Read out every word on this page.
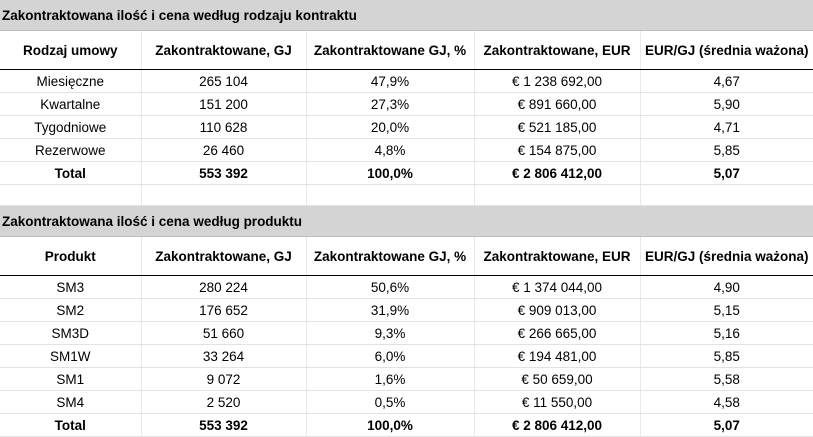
Zakontraktowana ilość i cena według rodzaju kontraktu				
Rodzaj umowy	Zakontraktowane, GJ	Zakontraktowane GJ, %	Zakontraktowane, EUR	EUR/GJ (średnia ważona)
Miesięczne	265 104	47,9%	€ 1 238 692,00	4,67
Kwartalne	151 200	27,3%	€ 891 660,00	5,90
Tygodniowe	110 628	20,0%	€ 521 185,00	4,71
Rezerwowe	26 460	4,8%	€ 154 875,00	5,85
Total	553 392	100,0%	€ 2 806 412,00	5,07

Zakontraktowana ilość i cena według produktu				
Produkt	Zakontraktowane, GJ	Zakontraktowane GJ, %	Zakontraktowane, EUR	EUR/GJ (średnia ważona)
SM3	280 224	50,6%	€ 1 374 044,00	4,90
SM2	176 652	31,9%	€ 909 013,00	5,15
SM3D	51 660	9,3%	€ 266 665,00	5,16
SM1W	33 264	6,0%	€ 194 481,00	5,85
SM1	9 072	1,6%	€ 50 659,00	5,58
SM4	2 520	0,5%	€ 11 550,00	4,58
Total	553 392	100,0%	€ 2 806 412,00	5,07
